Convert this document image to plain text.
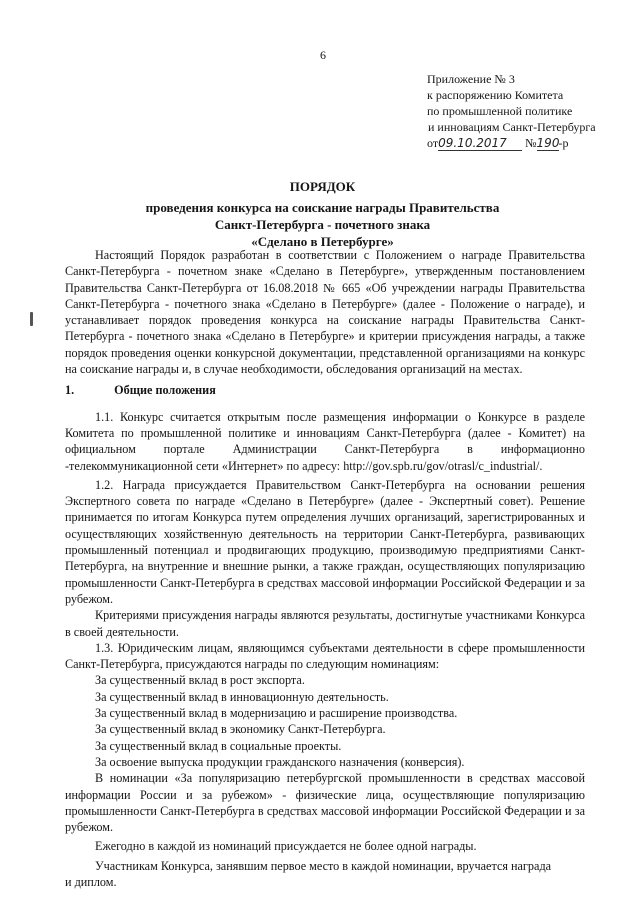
6
Приложение № 3
к распоряжению Комитета
по промышленной политике
и инновациям Санкт-Петербурга
от09.10.2017 №190-р
ПОРЯДОК
проведения конкурса на соискание награды Правительства
Санкт-Петербурга - почетного знака
«Сделано в Петербурге»

Настоящий Порядок разработан в соответствии с Положением о награде Правительства Санкт-Петербурга - почетном знаке «Сделано в Петербурге», утвержденным постановлением Правительства Санкт-Петербурга от 16.08.2018 № 665 «Об учреждении награды Правительства Санкт-Петербурга - почетного знака «Сделано в Петербурге» (далее - Положение о награде), и устанавливает порядок проведения конкурса на соискание награды Правительства Санкт-Петербурга - почетного знака «Сделано в Петербурге» и критерии присуждения награды, а также порядок проведения оценки конкурсной документации, представленной организациями на конкурс на соискание награды и, в случае необходимости, обследования организаций на местах.

1.	Общие положения

1.1. Конкурс считается открытым после размещения информации о Конкурсе в разделе Комитета по промышленной политике и инновациям Санкт-Петербурга (далее - Комитет) на официальном портале Администрации Санкт-Петербурга в информационно -телекоммуникационной сети «Интернет» по адресу: http://gov.spb.ru/gov/otrasl/c_industrial/.

1.2. Награда присуждается Правительством Санкт-Петербурга на основании решения Экспертного совета по награде «Сделано в Петербурге» (далее - Экспертный совет). Решение принимается по итогам Конкурса путем определения лучших организаций, зарегистрированных и осуществляющих хозяйственную деятельность на территории Санкт-Петербурга, развивающих промышленный потенциал и продвигающих продукцию, производимую предприятиями Санкт-Петербурга, на внутренние и внешние рынки, а также граждан, осуществляющих популяризацию промышленности Санкт-Петербурга в средствах массовой информации Российской Федерации и за рубежом.

Критериями присуждения награды являются результаты, достигнутые участниками Конкурса в своей деятельности.

1.3. Юридическим лицам, являющимся субъектами деятельности в сфере промышленности Санкт-Петербурга, присуждаются награды по следующим номинациям:

За существенный вклад в рост экспорта.

За существенный вклад в инновационную деятельность.

За существенный вклад в модернизацию и расширение производства.

За существенный вклад в экономику Санкт-Петербурга.

За существенный вклад в социальные проекты.

За освоение выпуска продукции гражданского назначения (конверсия).

В номинации «За популяризацию петербургской промышленности в средствах массовой информации России и за рубежом» - физические лица, осуществляющие популяризацию промышленности Санкт-Петербурга в средствах массовой информации Российской Федерации и за рубежом.

Ежегодно в каждой из номинаций присуждается не более одной награды.

Участникам Конкурса, занявшим первое место в каждой номинации, вручается награда

и диплом.
